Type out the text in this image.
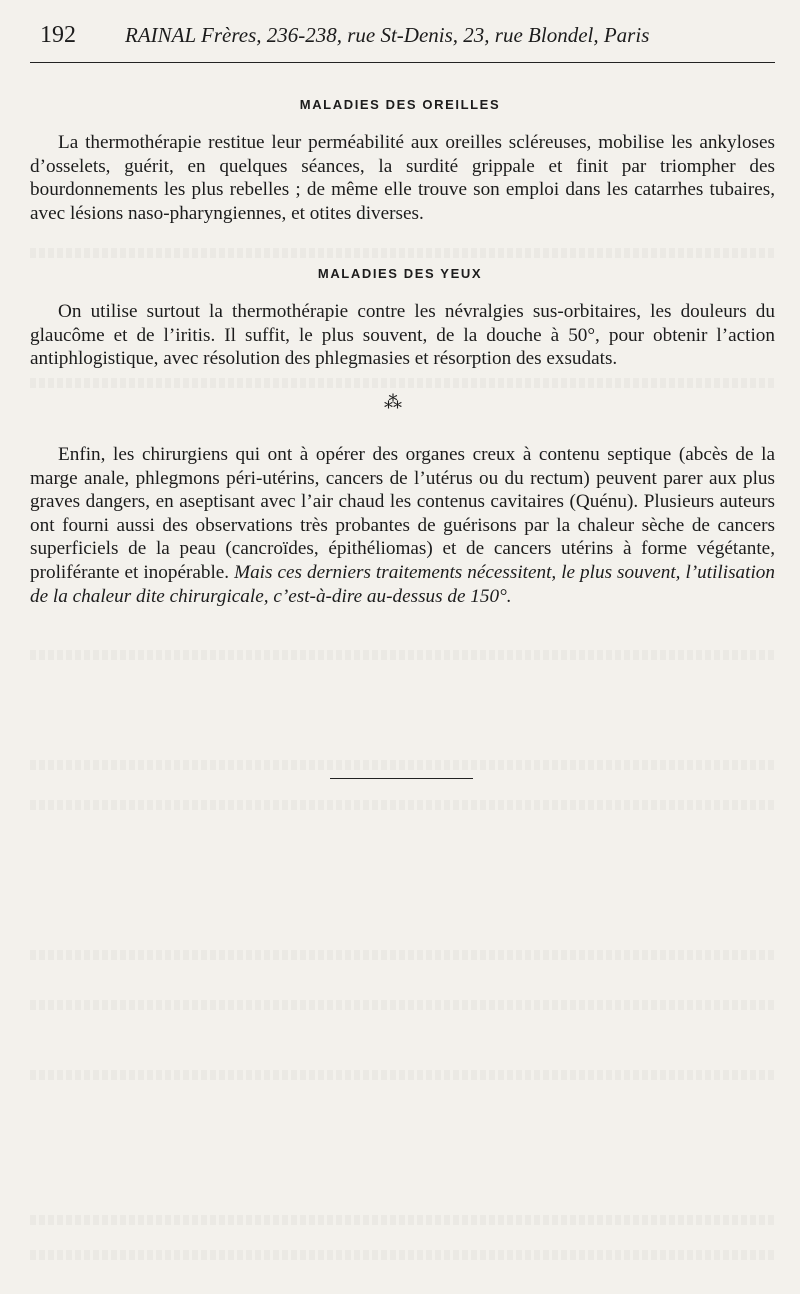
192	RAINAL Frères, 236-238, rue St-Denis, 23, rue Blondel, Paris
MALADIES DES OREILLES

La thermothérapie restitue leur perméabilité aux oreilles scléreuses, mobilise les ankyloses d’osselets, guérit, en quelques séances, la surdité grippale et finit par triompher des bourdonnements les plus rebelles ; de même elle trouve son emploi dans les catarrhes tubaires, avec lésions naso-pharyngiennes, et otites diverses.

MALADIES DES YEUX

On utilise surtout la thermothérapie contre les névralgies sus-orbitaires, les douleurs du glaucôme et de l’iritis. Il suffit, le plus souvent, de la douche à 50°, pour obtenir l’action antiphlogistique, avec résolution des phlegmasies et résorption des exsudats.

⁂

Enfin, les chirurgiens qui ont à opérer des organes creux à contenu septique (abcès de la marge anale, phlegmons péri-utérins, cancers de l’utérus ou du rectum) peuvent parer aux plus graves dangers, en aseptisant avec l’air chaud les contenus cavitaires (Quénu). Plusieurs auteurs ont fourni aussi des observations très probantes de guérisons par la chaleur sèche de cancers superficiels de la peau (cancroïdes, épithéliomas) et de cancers utérins à forme végétante, proliférante et inopérable. Mais ces derniers traitements nécessitent, le plus souvent, l’utilisation de la chaleur dite chirurgicale, c’est-à-dire au-dessus de 150°.
